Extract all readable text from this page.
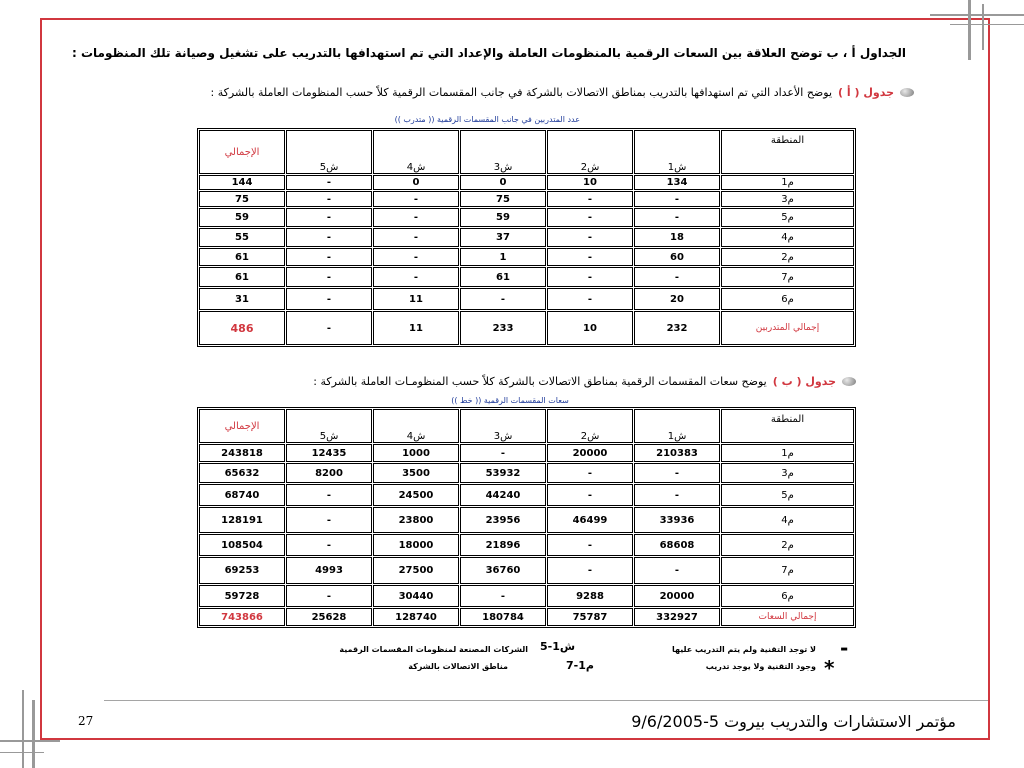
الجداول أ ، ب توضح العلاقة بين السعات الرقمية بالمنظومات العاملة والإعداد التي تم استهدافها بالتدريب على تشغيل وصيانة تلك المنظومات :
جدول ( أ )
يوضح الأعداد التي تم استهدافها بالتدريب بمناطق الاتصالات بالشركة في جانب المقسمات الرقمية كلاً حسب المنظومات العاملة بالشركة :
عدد المتدربين في جانب المقسمات الرقمية (( متدرب ))
الإجمالي	ش5	ش4	ش3	ش2	ش1	المنطقة
144	-	0	0	10	134	م1
75	-	-	75	-	-	م3
59	-	-	59	-	-	م5
55	-	-	37	-	18	م4
61	-	-	1	-	60	م2
61	-	-	61	-	-	م7
31	-	11	-	-	20	م6
486	-	11	233	10	232	إجمالي المتدربين
جدول ( ب )
يوضح سعات المقسمات الرقمية بمناطق الاتصالات بالشركة كلاً حسب المنظومـات العاملة بالشركة :
سعات المقسمات الرقمية (( خط ))
الإجمالي	ش5	ش4	ش3	ش2	ش1	المنطقة
243818	12435	1000	-	20000	210383	م1
65632	8200	3500	53932	-	-	م3
68740	-	24500	44240	-	-	م5
128191	-	23800	23956	46499	33936	م4
108504	-	18000	21896	-	68608	م2
69253	4993	27500	36760	-	-	م7
59728	-	30440	-	9288	20000	م6
743866	25628	128740	180784	75787	332927	إجمالي السعات
-
لا توجد التقنية ولم يتم التدريب عليها
*
وجود التقنية ولا يوجد تدريب
ش1-5
الشركات المصنعة لمنظومات المقسمات الرقمية
م1-7
مناطق الاتصالات بالشركة
مؤتمر الاستشارات والتدريب بيروت 5-9/6/2005
27
